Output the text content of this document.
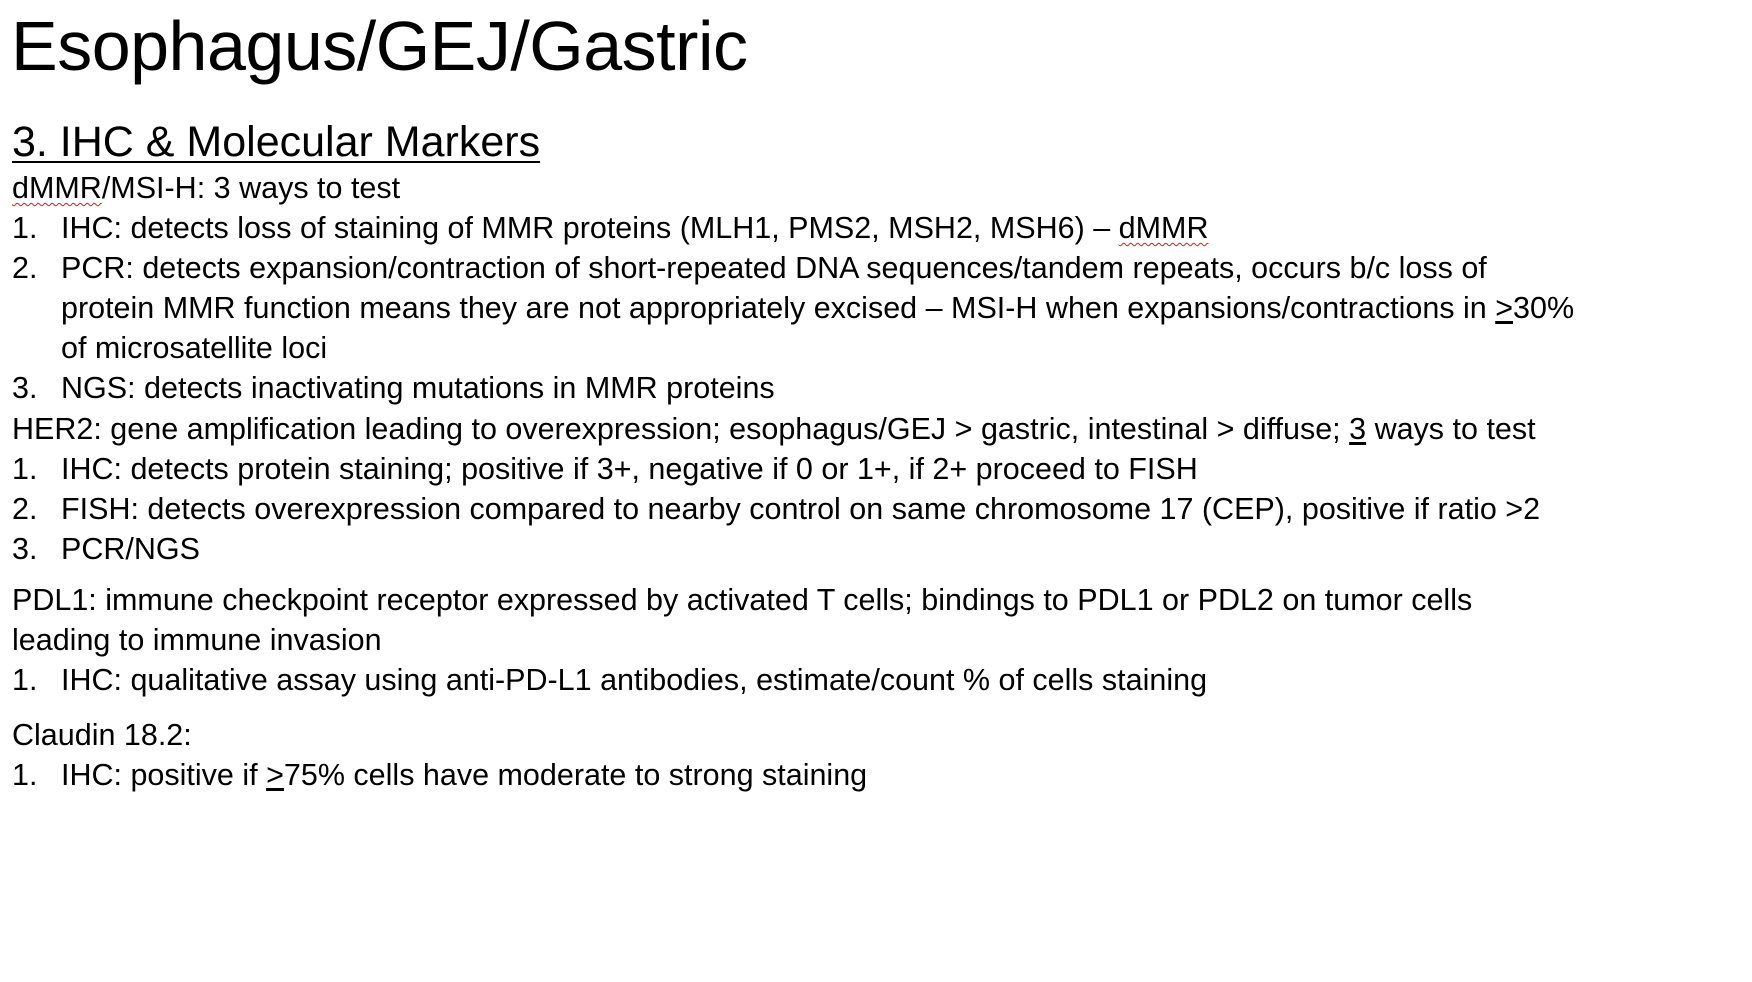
Esophagus/GEJ/Gastric
3. IHC & Molecular Markers
dMMR/MSI-H: 3 ways to test
1. IHC: detects loss of staining of MMR proteins (MLH1, PMS2, MSH2, MSH6) – dMMR
2. PCR: detects expansion/contraction of short-repeated DNA sequences/tandem repeats, occurs b/c loss of
protein MMR function means they are not appropriately excised – MSI-H when expansions/contractions in ≥30%
of microsatellite loci
3. NGS: detects inactivating mutations in MMR proteins
HER2: gene amplification leading to overexpression; esophagus/GEJ > gastric, intestinal > diffuse; 3 ways to test
1. IHC: detects protein staining; positive if 3+, negative if 0 or 1+, if 2+ proceed to FISH
2. FISH: detects overexpression compared to nearby control on same chromosome 17 (CEP), positive if ratio >2
3. PCR/NGS
PDL1: immune checkpoint receptor expressed by activated T cells; bindings to PDL1 or PDL2 on tumor cells
leading to immune invasion
1. IHC: qualitative assay using anti-PD-L1 antibodies, estimate/count % of cells staining
Claudin 18.2:
1. IHC: positive if ≥75% cells have moderate to strong staining
